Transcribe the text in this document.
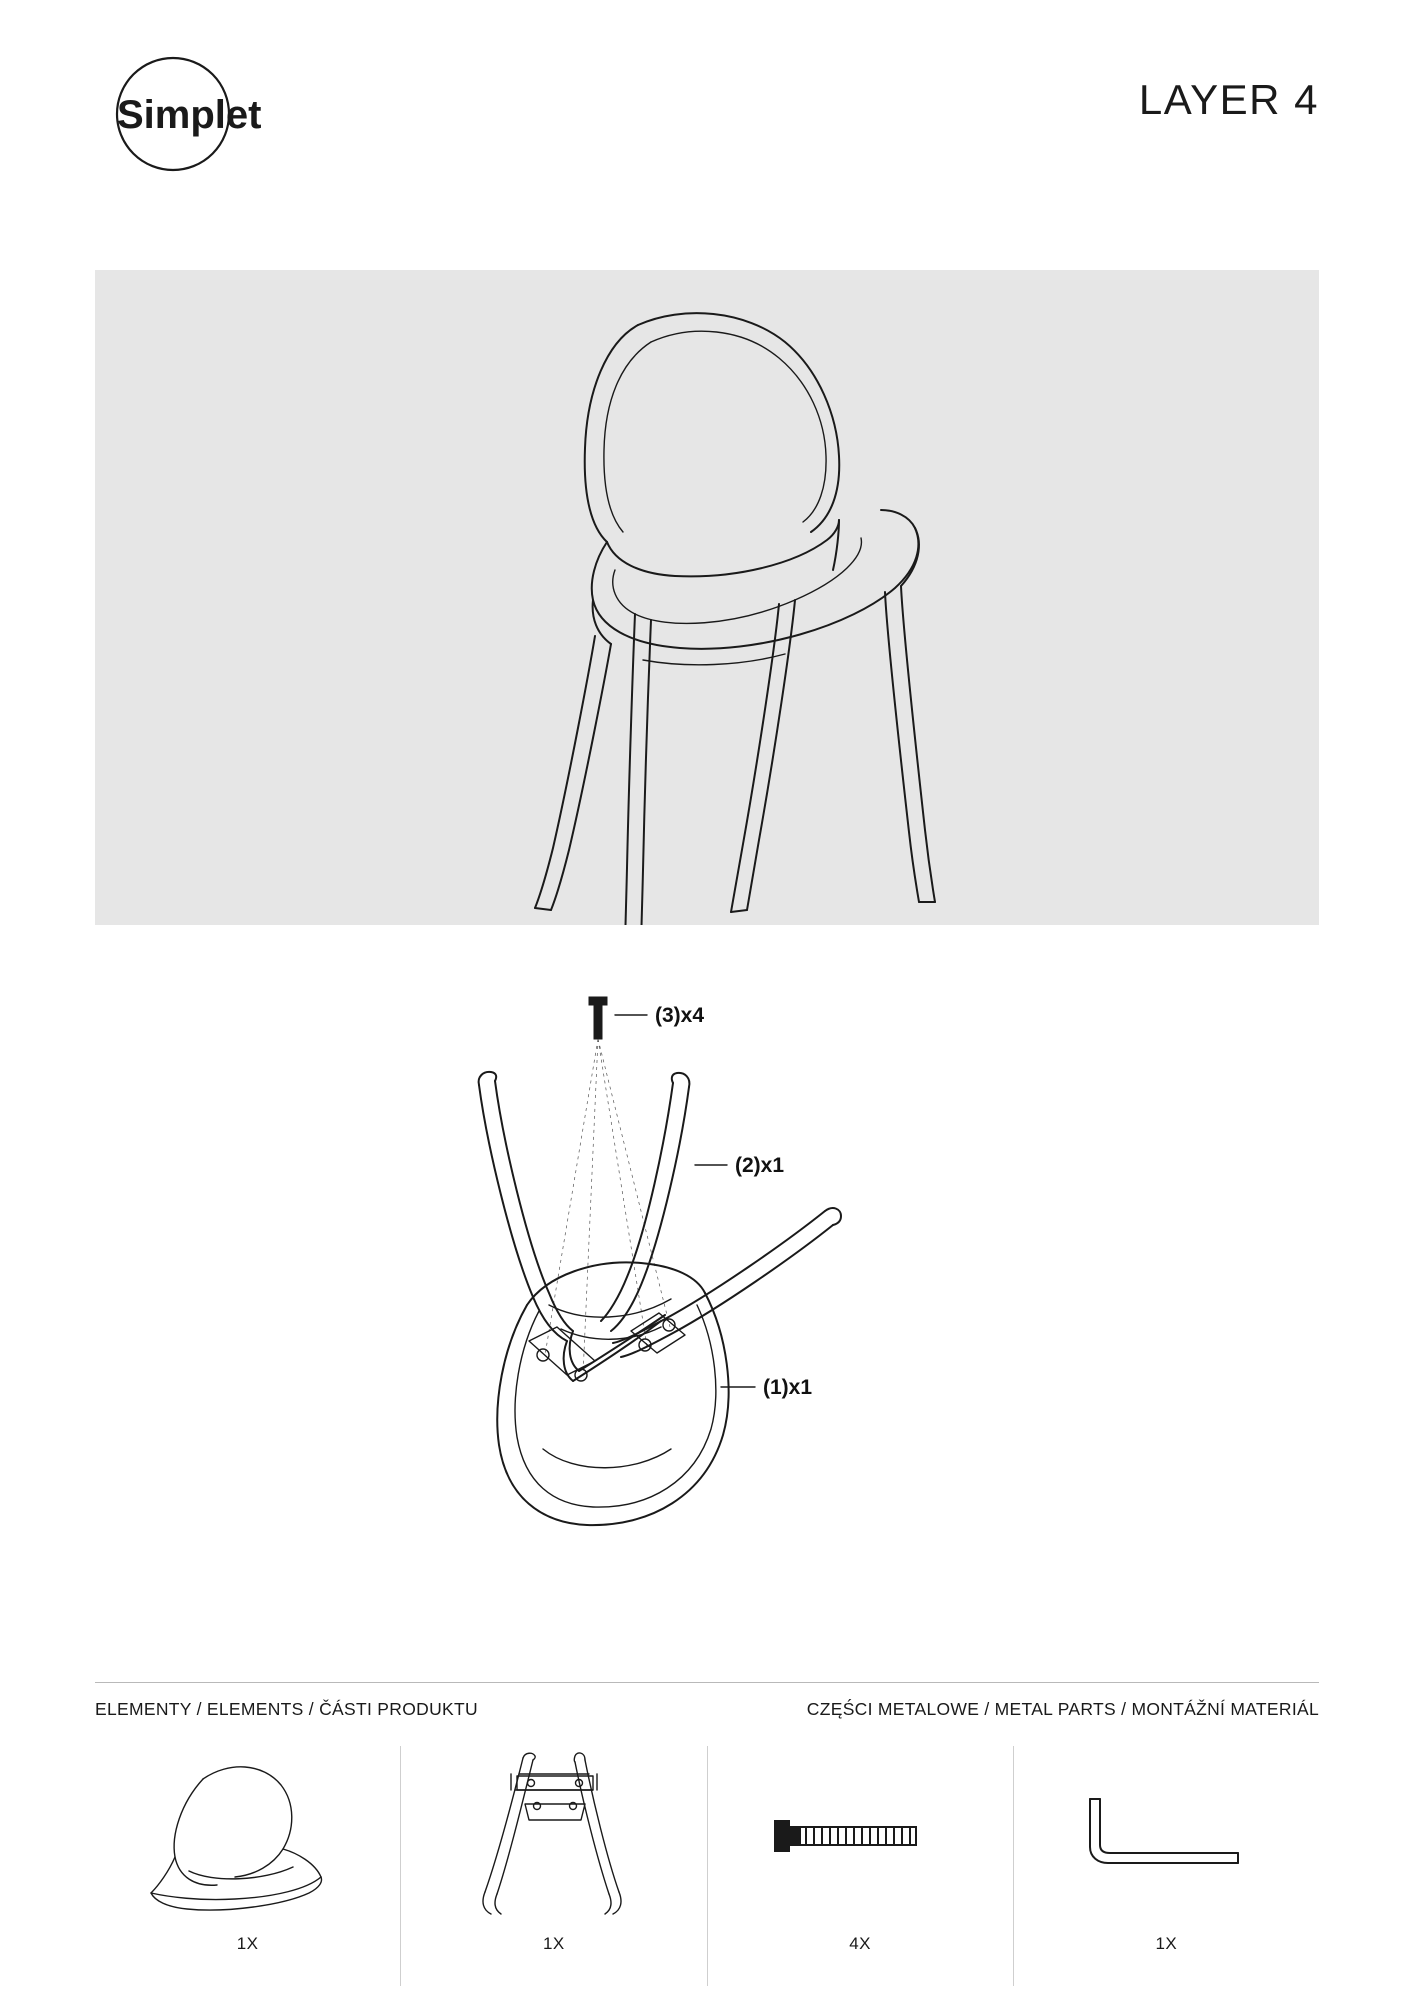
Simplet	LAYER 4
(3)x4
(2)x1
(1)x1
ELEMENTY / ELEMENTS / ČÁSTI PRODUKTU	CZĘŚCI METALOWE / METAL PARTS / MONTÁŽNÍ MATERIÁL
1X	1X	4X	1X
